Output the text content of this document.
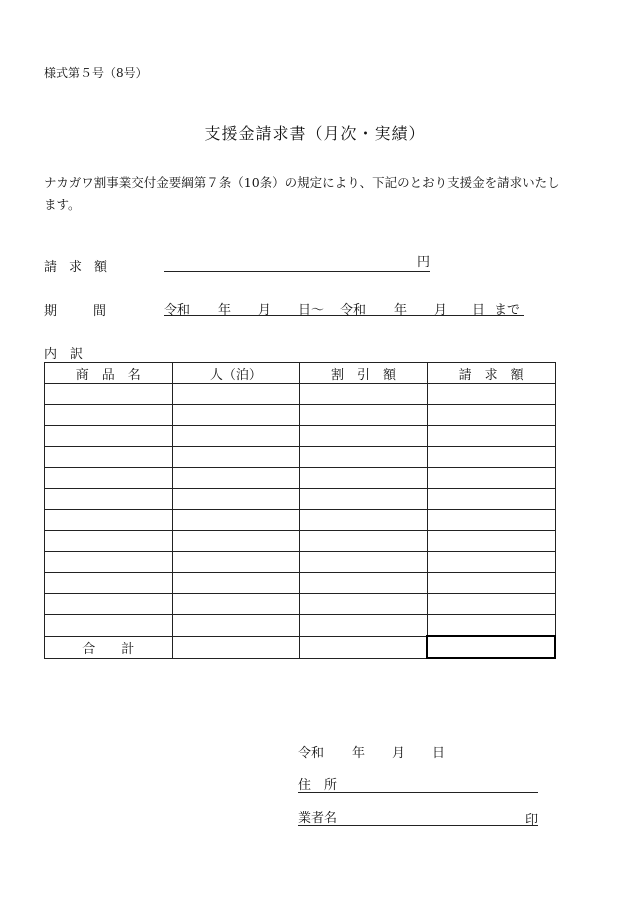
様式第５号（8号）
支援金請求書（月次・実績）
ナカガワ割事業交付金要綱第７条（10条）の規定により、下記のとおり支援金を請求いたします。
請求額	円
期	間	令和 年 月 日～ 令和 年 月 日 まで
内　訳
商　品　名	人（泊）	割　引　額	請　求　額

合　　計			
令和 年 月 日
住　所
業者名	印
